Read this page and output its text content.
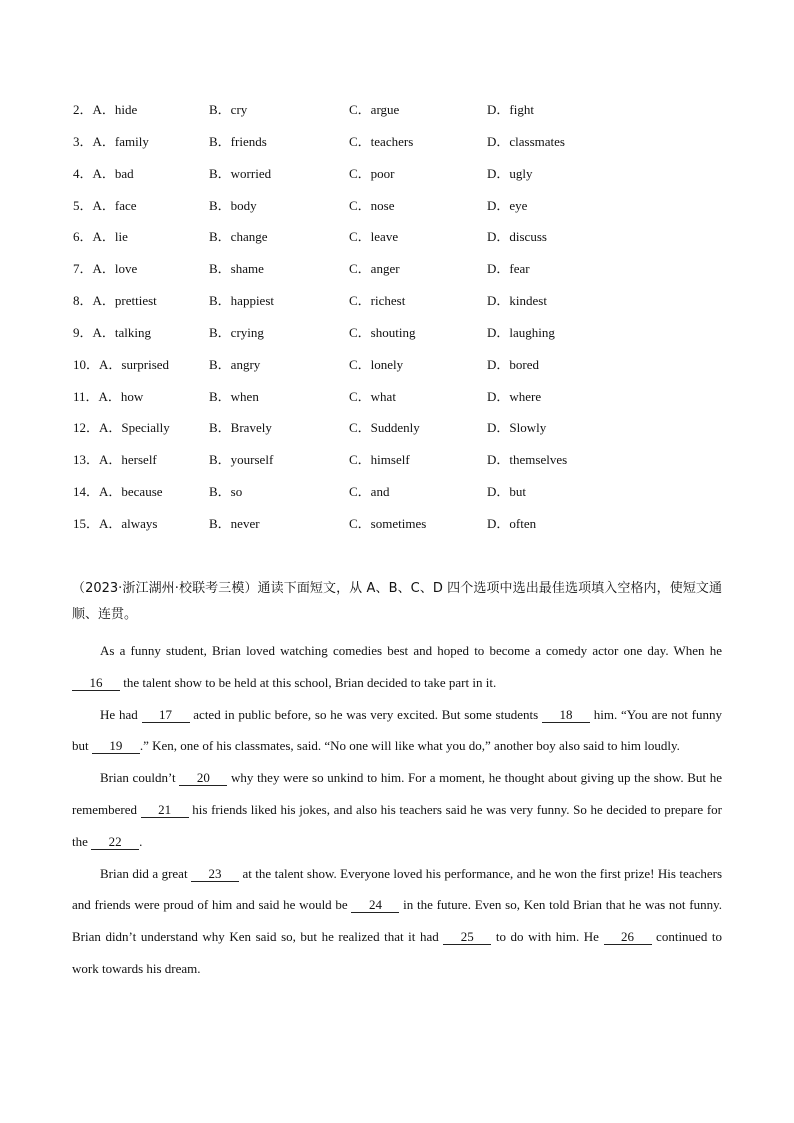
2．A．hide	B．cry	C．argue	D．fight
3．A．family	B．friends	C．teachers	D．classmates
4．A．bad	B．worried	C．poor	D．ugly
5．A．face	B．body	C．nose	D．eye
6．A．lie	B．change	C．leave	D．discuss
7．A．love	B．shame	C．anger	D．fear
8．A．prettiest	B．happiest	C．richest	D．kindest
9．A．talking	B．crying	C．shouting	D．laughing
10．A．surprised	B．angry	C．lonely	D．bored
11．A．how	B．when	C．what	D．where
12．A．Specially	B．Bravely	C．Suddenly	D．Slowly
13．A．herself	B．yourself	C．himself	D．themselves
14．A．because	B．so	C．and	D．but
15．A．always	B．never	C．sometimes	D．often

（2023·浙江湖州·校联考三模）通读下面短文，从 A、B、C、D 四个选项中选出最佳选项填入空格内，使短文通顺、连贯。

As a funny student, Brian loved watching comedies best and hoped to become a comedy actor one day. When he 16 the talent show to be held at this school, Brian decided to take part in it.

He had 17 acted in public before, so he was very excited. But some students 18 him. “You are not funny but 19 .” Ken, one of his classmates, said. “No one will like what you do,” another boy also said to him loudly.

Brian couldn’t 20 why they were so unkind to him. For a moment, he thought about giving up the show. But he remembered 21 his friends liked his jokes, and also his teachers said he was very funny. So he decided to prepare for the 22 .

Brian did a great 23 at the talent show. Everyone loved his performance, and he won the first prize! His teachers and friends were proud of him and said he would be 24 in the future. Even so, Ken told Brian that he was not funny. Brian didn’t understand why Ken said so, but he realized that it had 25 to do with him. He 26 continued to work towards his dream.
